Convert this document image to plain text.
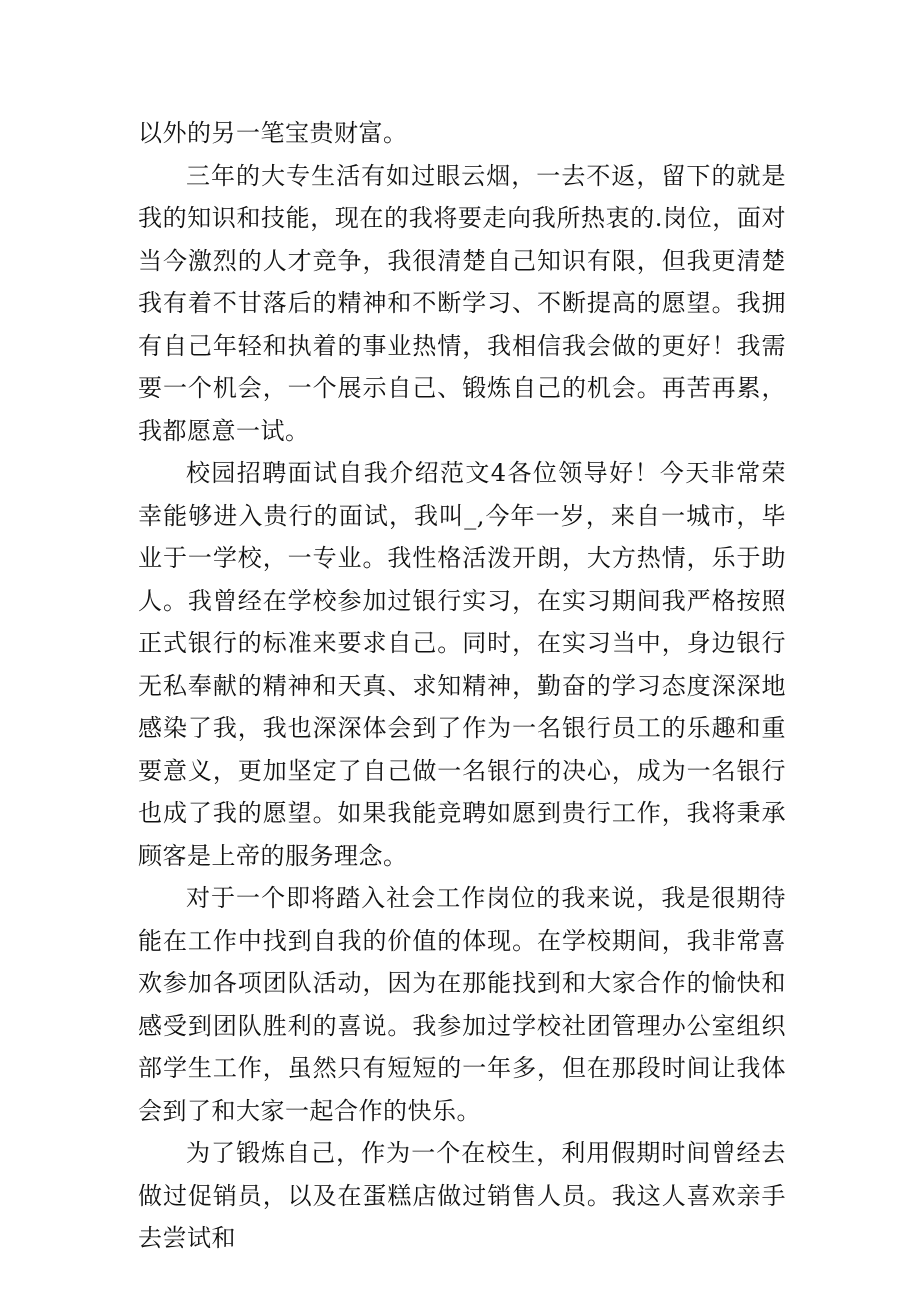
以外的另一笔宝贵财富。

三年的大专生活有如过眼云烟，一去不返，留下的就是我的知识和技能，现在的我将要走向我所热衷的.岗位，面对当今激烈的人才竞争，我很清楚自己知识有限，但我更清楚我有着不甘落后的精神和不断学习、不断提高的愿望。我拥有自己年轻和执着的事业热情，我相信我会做的更好！我需要一个机会，一个展示自己、锻炼自己的机会。再苦再累，我都愿意一试。

校园招聘面试自我介绍范文4各位领导好！今天非常荣幸能够进入贵行的面试，我叫_,今年一岁，来自一城市，毕业于一学校，一专业。我性格活泼开朗，大方热情，乐于助人。我曾经在学校参加过银行实习，在实习期间我严格按照正式银行的标准来要求自己。同时，在实习当中，身边银行无私奉献的精神和天真、求知精神，勤奋的学习态度深深地感染了我，我也深深体会到了作为一名银行员工的乐趣和重要意义，更加坚定了自己做一名银行的决心，成为一名银行也成了我的愿望。如果我能竞聘如愿到贵行工作，我将秉承顾客是上帝的服务理念。

对于一个即将踏入社会工作岗位的我来说，我是很期待能在工作中找到自我的价值的体现。在学校期间，我非常喜欢参加各项团队活动，因为在那能找到和大家合作的愉快和感受到团队胜利的喜说。我参加过学校社团管理办公室组织部学生工作，虽然只有短短的一年多，但在那段时间让我体会到了和大家一起合作的快乐。

为了锻炼自己，作为一个在校生，利用假期时间曾经去做过促销员，以及在蛋糕店做过销售人员。我这人喜欢亲手去尝试和
